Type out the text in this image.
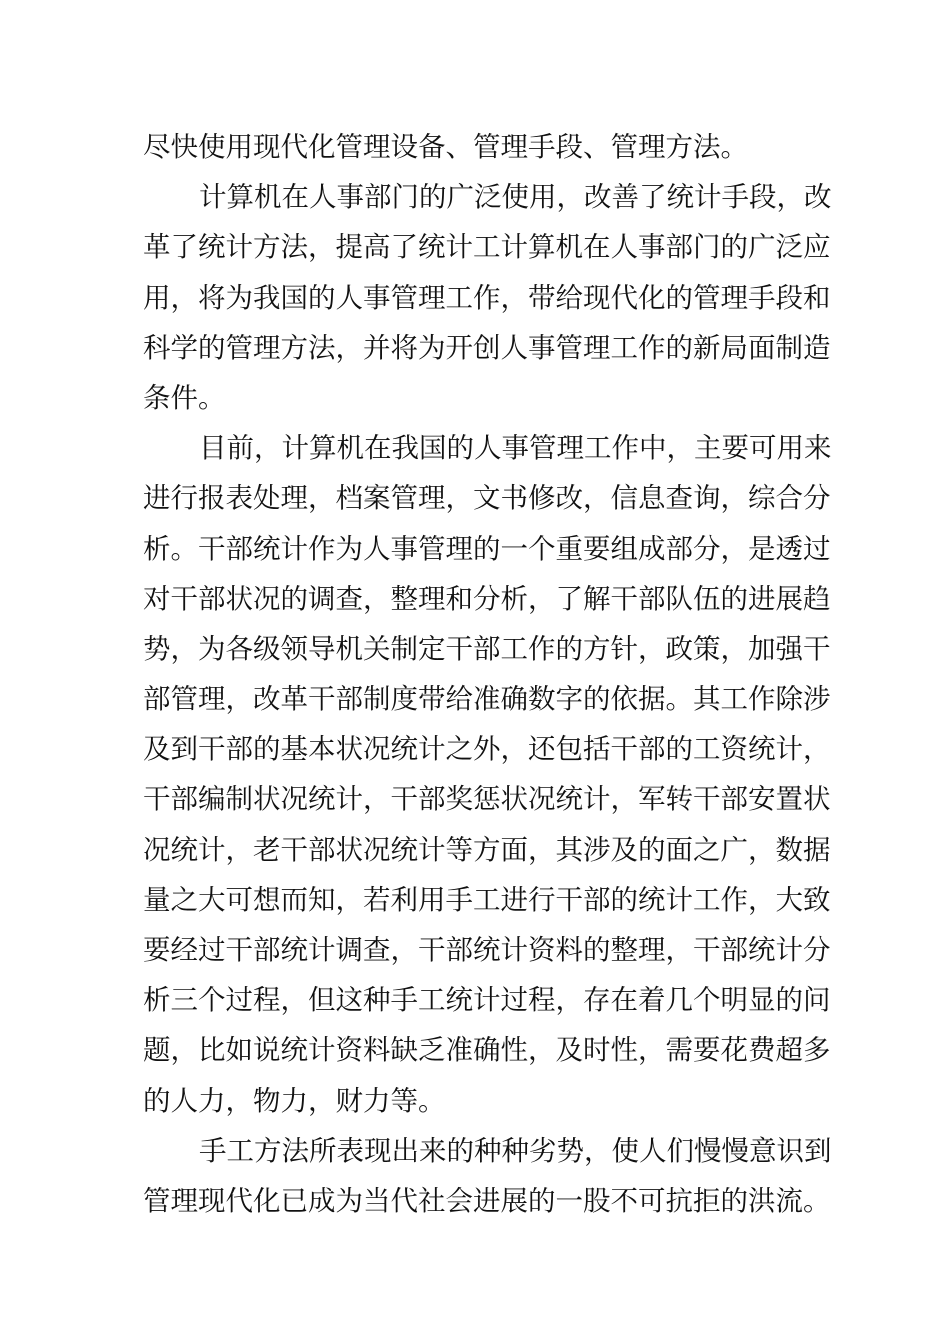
尽快使用现代化管理设备、管理手段、管理方法。
计算机在人事部门的广泛使用，改善了统计手段，改
革了统计方法，提高了统计工计算机在人事部门的广泛应
用，将为我国的人事管理工作，带给现代化的管理手段和
科学的管理方法，并将为开创人事管理工作的新局面制造
条件。
目前，计算机在我国的人事管理工作中，主要可用来
进行报表处理，档案管理，文书修改，信息查询，综合分
析。干部统计作为人事管理的一个重要组成部分，是透过
对干部状况的调查，整理和分析，了解干部队伍的进展趋
势，为各级领导机关制定干部工作的方针，政策，加强干
部管理，改革干部制度带给准确数字的依据。其工作除涉
及到干部的基本状况统计之外，还包括干部的工资统计，
干部编制状况统计，干部奖惩状况统计，军转干部安置状
况统计，老干部状况统计等方面，其涉及的面之广，数据
量之大可想而知，若利用手工进行干部的统计工作，大致
要经过干部统计调查，干部统计资料的整理，干部统计分
析三个过程，但这种手工统计过程，存在着几个明显的问
题，比如说统计资料缺乏准确性，及时性，需要花费超多
的人力，物力，财力等。
手工方法所表现出来的种种劣势，使人们慢慢意识到
管理现代化已成为当代社会进展的一股不可抗拒的洪流。
